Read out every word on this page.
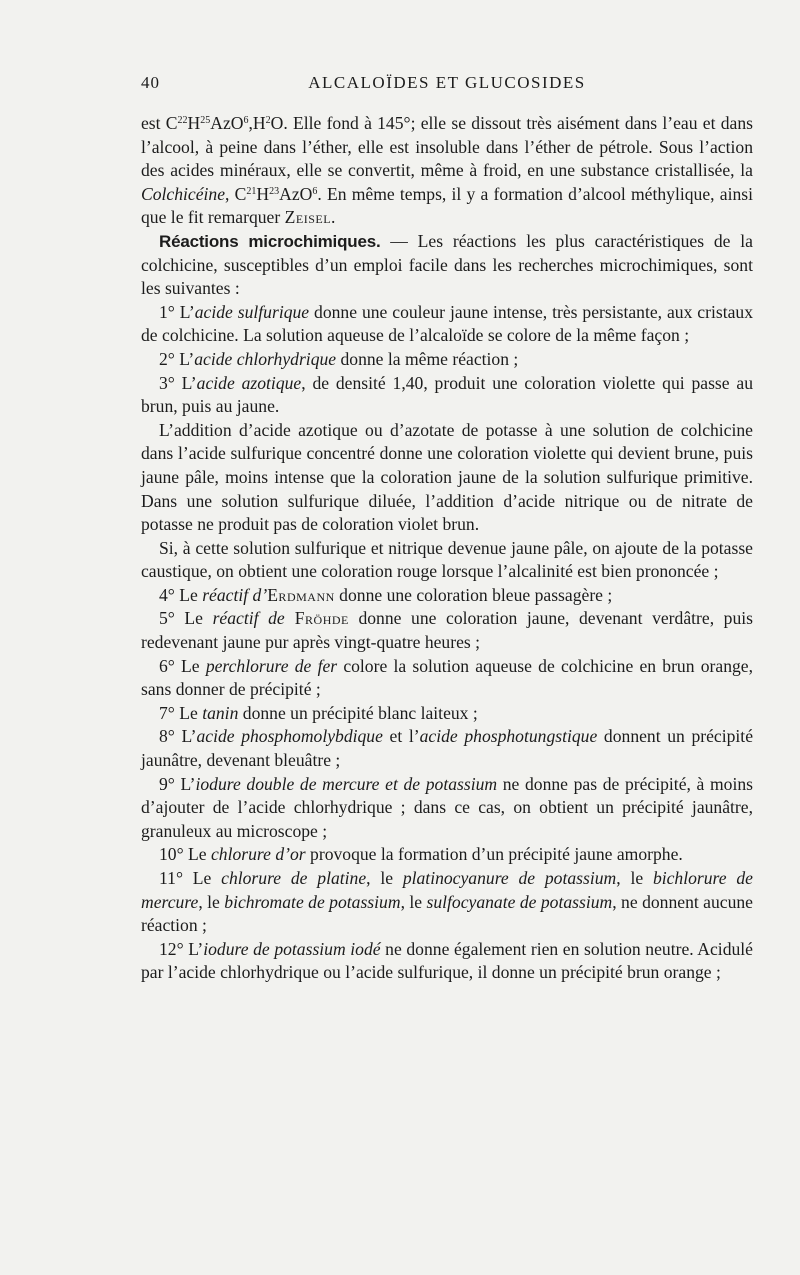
40	ALCALOÏDES ET GLUCOSIDES

est $C^{22}H^{25}AzO^6,H^2O$. Elle fond à 145°; elle se dissout très aisément dans l’eau et dans l’alcool, à peine dans l’éther, elle est insoluble dans l’éther de pétrole. Sous l’action des acides minéraux, elle se convertit, même à froid, en une substance cristallisée, la Colchicéine, $C^{21}H^{23}AzO^6$. En même temps, il y a formation d’alcool méthylique, ainsi que le fit remarquer Zeisel.

Réactions microchimiques. — Les réactions les plus caractéristiques de la colchicine, susceptibles d’un emploi facile dans les recherches microchimiques, sont les suivantes :

1° L’acide sulfurique donne une couleur jaune intense, très persistante, aux cristaux de colchicine. La solution aqueuse de l’alcaloïde se colore de la même façon ;

2° L’acide chlorhydrique donne la même réaction ;

3° L’acide azotique, de densité 1,40, produit une coloration violette qui passe au brun, puis au jaune.

L’addition d’acide azotique ou d’azotate de potasse à une solution de colchicine dans l’acide sulfurique concentré donne une coloration violette qui devient brune, puis jaune pâle, moins intense que la coloration jaune de la solution sulfurique primitive. Dans une solution sulfurique diluée, l’addition d’acide nitrique ou de nitrate de potasse ne produit pas de coloration violet brun.

Si, à cette solution sulfurique et nitrique devenue jaune pâle, on ajoute de la potasse caustique, on obtient une coloration rouge lorsque l’alcalinité est bien prononcée ;

4° Le réactif d’Erdmann donne une coloration bleue passagère ;

5° Le réactif de Fröhde donne une coloration jaune, devenant verdâtre, puis redevenant jaune pur après vingt-quatre heures ;

6° Le perchlorure de fer colore la solution aqueuse de colchicine en brun orange, sans donner de précipité ;

7° Le tanin donne un précipité blanc laiteux ;

8° L’acide phosphomolybdique et l’acide phosphotungstique donnent un précipité jaunâtre, devenant bleuâtre ;

9° L’iodure double de mercure et de potassium ne donne pas de précipité, à moins d’ajouter de l’acide chlorhydrique ; dans ce cas, on obtient un précipité jaunâtre, granuleux au microscope ;

10° Le chlorure d’or provoque la formation d’un précipité jaune amorphe.

11° Le chlorure de platine, le platinocyanure de potassium, le bichlorure de mercure, le bichromate de potassium, le sulfocyanate de potassium, ne donnent aucune réaction ;

12° L’iodure de potassium iodé ne donne également rien en solution neutre. Acidulé par l’acide chlorhydrique ou l’acide sulfurique, il donne un précipité brun orange ;
